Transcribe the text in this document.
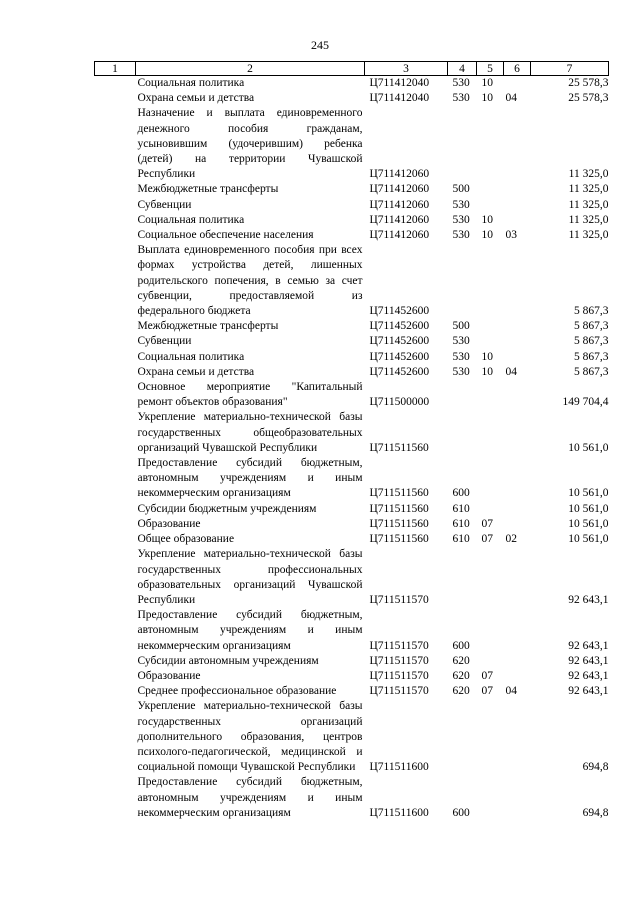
245
1	2	3	4	5	6	7
	Социальная политика	Ц711412040	530	10		25 578,3
	Охрана семьи и детства	Ц711412040	530	10	04	25 578,3
	Назначение и выплата единовременного денежного пособия гражданам, усыновившим (удочерившим) ребенка (детей) на территории Чувашской Республики	Ц711412060				11 325,0
	Межбюджетные трансферты	Ц711412060	500			11 325,0
	Субвенции	Ц711412060	530			11 325,0
	Социальная политика	Ц711412060	530	10		11 325,0
	Социальное обеспечение населения	Ц711412060	530	10	03	11 325,0
	Выплата единовременного пособия при всех формах устройства детей, лишенных родительского попечения, в семью за счет субвенции, предоставляемой из федерального бюджета	Ц711452600				5 867,3
	Межбюджетные трансферты	Ц711452600	500			5 867,3
	Субвенции	Ц711452600	530			5 867,3
	Социальная политика	Ц711452600	530	10		5 867,3
	Охрана семьи и детства	Ц711452600	530	10	04	5 867,3
	Основное мероприятие "Капитальный ремонт объектов образования"	Ц711500000				149 704,4
	Укрепление материально-технической базы государственных общеобразовательных организаций Чувашской Республики	Ц711511560				10 561,0
	Предоставление субсидий бюджетным, автономным учреждениям и иным некоммерческим организациям	Ц711511560	600			10 561,0
	Субсидии бюджетным учреждениям	Ц711511560	610			10 561,0
	Образование	Ц711511560	610	07		10 561,0
	Общее образование	Ц711511560	610	07	02	10 561,0
	Укрепление материально-технической базы государственных профессиональных образовательных организаций Чувашской Республики	Ц711511570				92 643,1
	Предоставление субсидий бюджетным, автономным учреждениям и иным некоммерческим организациям	Ц711511570	600			92 643,1
	Субсидии автономным учреждениям	Ц711511570	620			92 643,1
	Образование	Ц711511570	620	07		92 643,1
	Среднее профессиональное образование	Ц711511570	620	07	04	92 643,1
	Укрепление материально-технической базы государственных организаций дополнительного образования, центров психолого-педагогической, медицинской и социальной помощи Чувашской Республики	Ц711511600				694,8
	Предоставление субсидий бюджетным, автономным учреждениям и иным некоммерческим организациям	Ц711511600	600			694,8
